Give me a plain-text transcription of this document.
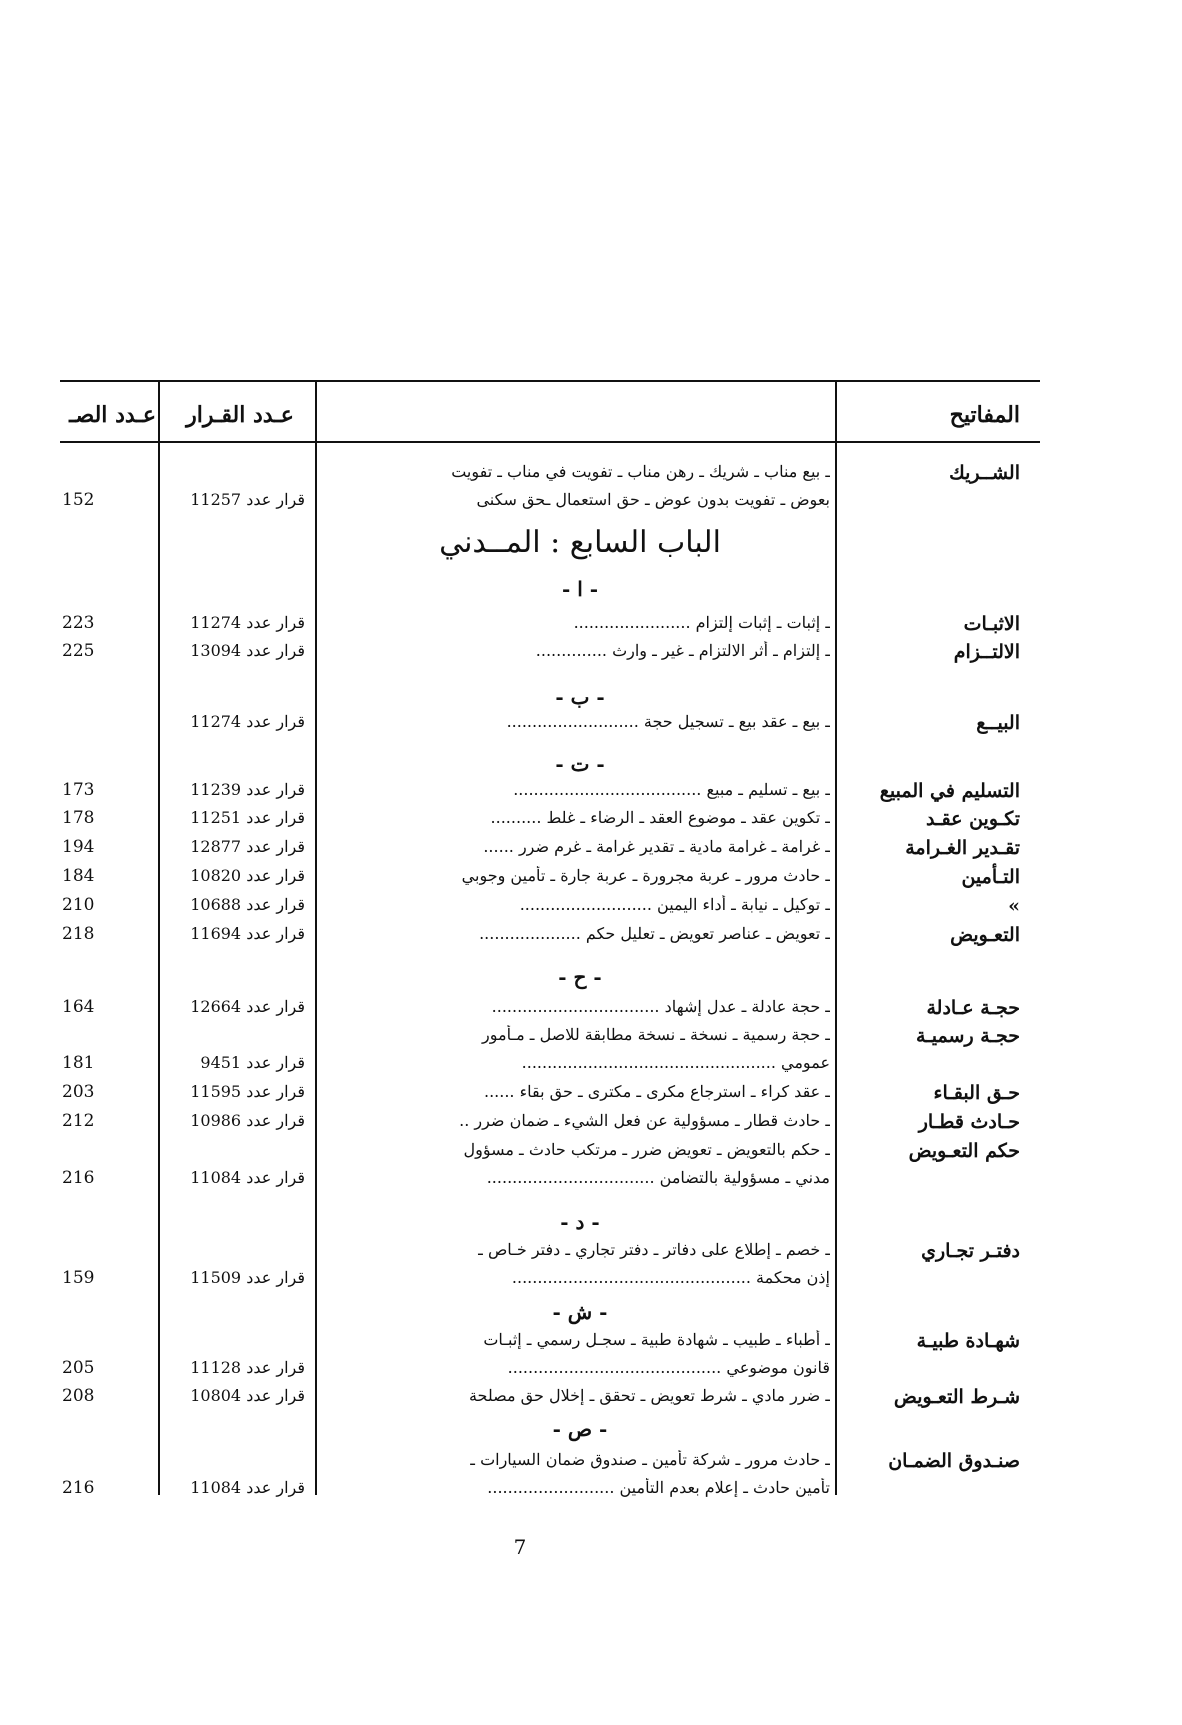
المفاتيح
عـدد القـرار
عـدد الصـ
الباب السابع : المــدني
- ا -
- ب -
- ت -
- ح -
- د -
- ش -
- ص -
الشــريك
ـ بيع مناب ـ شريك ـ رهن مناب ـ تفويت في مناب ـ تفويت
بعوض ـ تفويت بدون عوض ـ حق استعمال ـحق سكنى
قرار عدد 11257
152
الاثبـات
ـ إثبات ـ إثبات إلتزام .......................
قرار عدد 11274
223
الالتــزام
ـ إلتزام ـ أثر الالتزام ـ غير ـ وارث ..............
قرار عدد 13094
225
البيــع
ـ بيع ـ عقد بيع ـ تسجيل حجة ..........................
قرار عدد 11274
التسليم في المبيع
ـ بيع ـ تسليم ـ مبيع .....................................
قرار عدد 11239
173
تكـوين عقـد
ـ تكوين عقد ـ موضوع العقد ـ الرضاء ـ غلط ..........
قرار عدد 11251
178
تقـدير الغـرامة
ـ غرامة ـ غرامة مادية ـ تقدير غرامة ـ غرم ضرر ......
قرار عدد 12877
194
التـأمين
ـ حادث مرور ـ عربة مجرورة ـ عربة جارة ـ تأمين وجوبي
قرار عدد 10820
184
»
ـ توكيل ـ نيابة ـ أداء اليمين ..........................
قرار عدد 10688
210
التعـويض
ـ تعويض ـ عناصر تعويض ـ تعليل حكم ....................
قرار عدد 11694
218
حجـة عـادلة
ـ حجة عادلة ـ عدل إشهاد .................................
قرار عدد 12664
164
حجـة رسميـة
ـ حجة رسمية ـ نسخة ـ نسخة مطابقة للاصل ـ مـأمور
عمومي ..................................................
قرار عدد 9451
181
حـق البقـاء
ـ عقد كراء ـ استرجاع مكرى ـ مكترى ـ حق بقاء ......
قرار عدد 11595
203
حـادث قطـار
ـ حادث قطار ـ مسؤولية عن فعل الشيء ـ ضمان ضرر ..
قرار عدد 10986
212
حكم التعـويض
ـ حكم بالتعويض ـ تعويض ضرر ـ مرتكب حادث ـ مسؤول
مدني ـ مسؤولية بالتضامن .................................
قرار عدد 11084
216
دفتـر تجـاري
ـ خصم ـ إطلاع على دفاتر ـ دفتر تجاري ـ دفتر خـاص ـ
إذن محكمة ...............................................
قرار عدد 11509
159
شهـادة طبيـة
ـ أطباء ـ طبيب ـ شهادة طبية ـ سجـل رسمي ـ إثبـات
قانون موضوعي ..........................................
قرار عدد 11128
205
شـرط التعـويض
ـ ضرر مادي ـ شرط تعويض ـ تحقق ـ إخلال حق مصلحة
قرار عدد 10804
208
صنـدوق الضمـان
ـ حادث مرور ـ شركة تأمين ـ صندوق ضمان السيارات ـ
تأمين حادث ـ إعلام بعدم التأمين .........................
قرار عدد 11084
216
7
